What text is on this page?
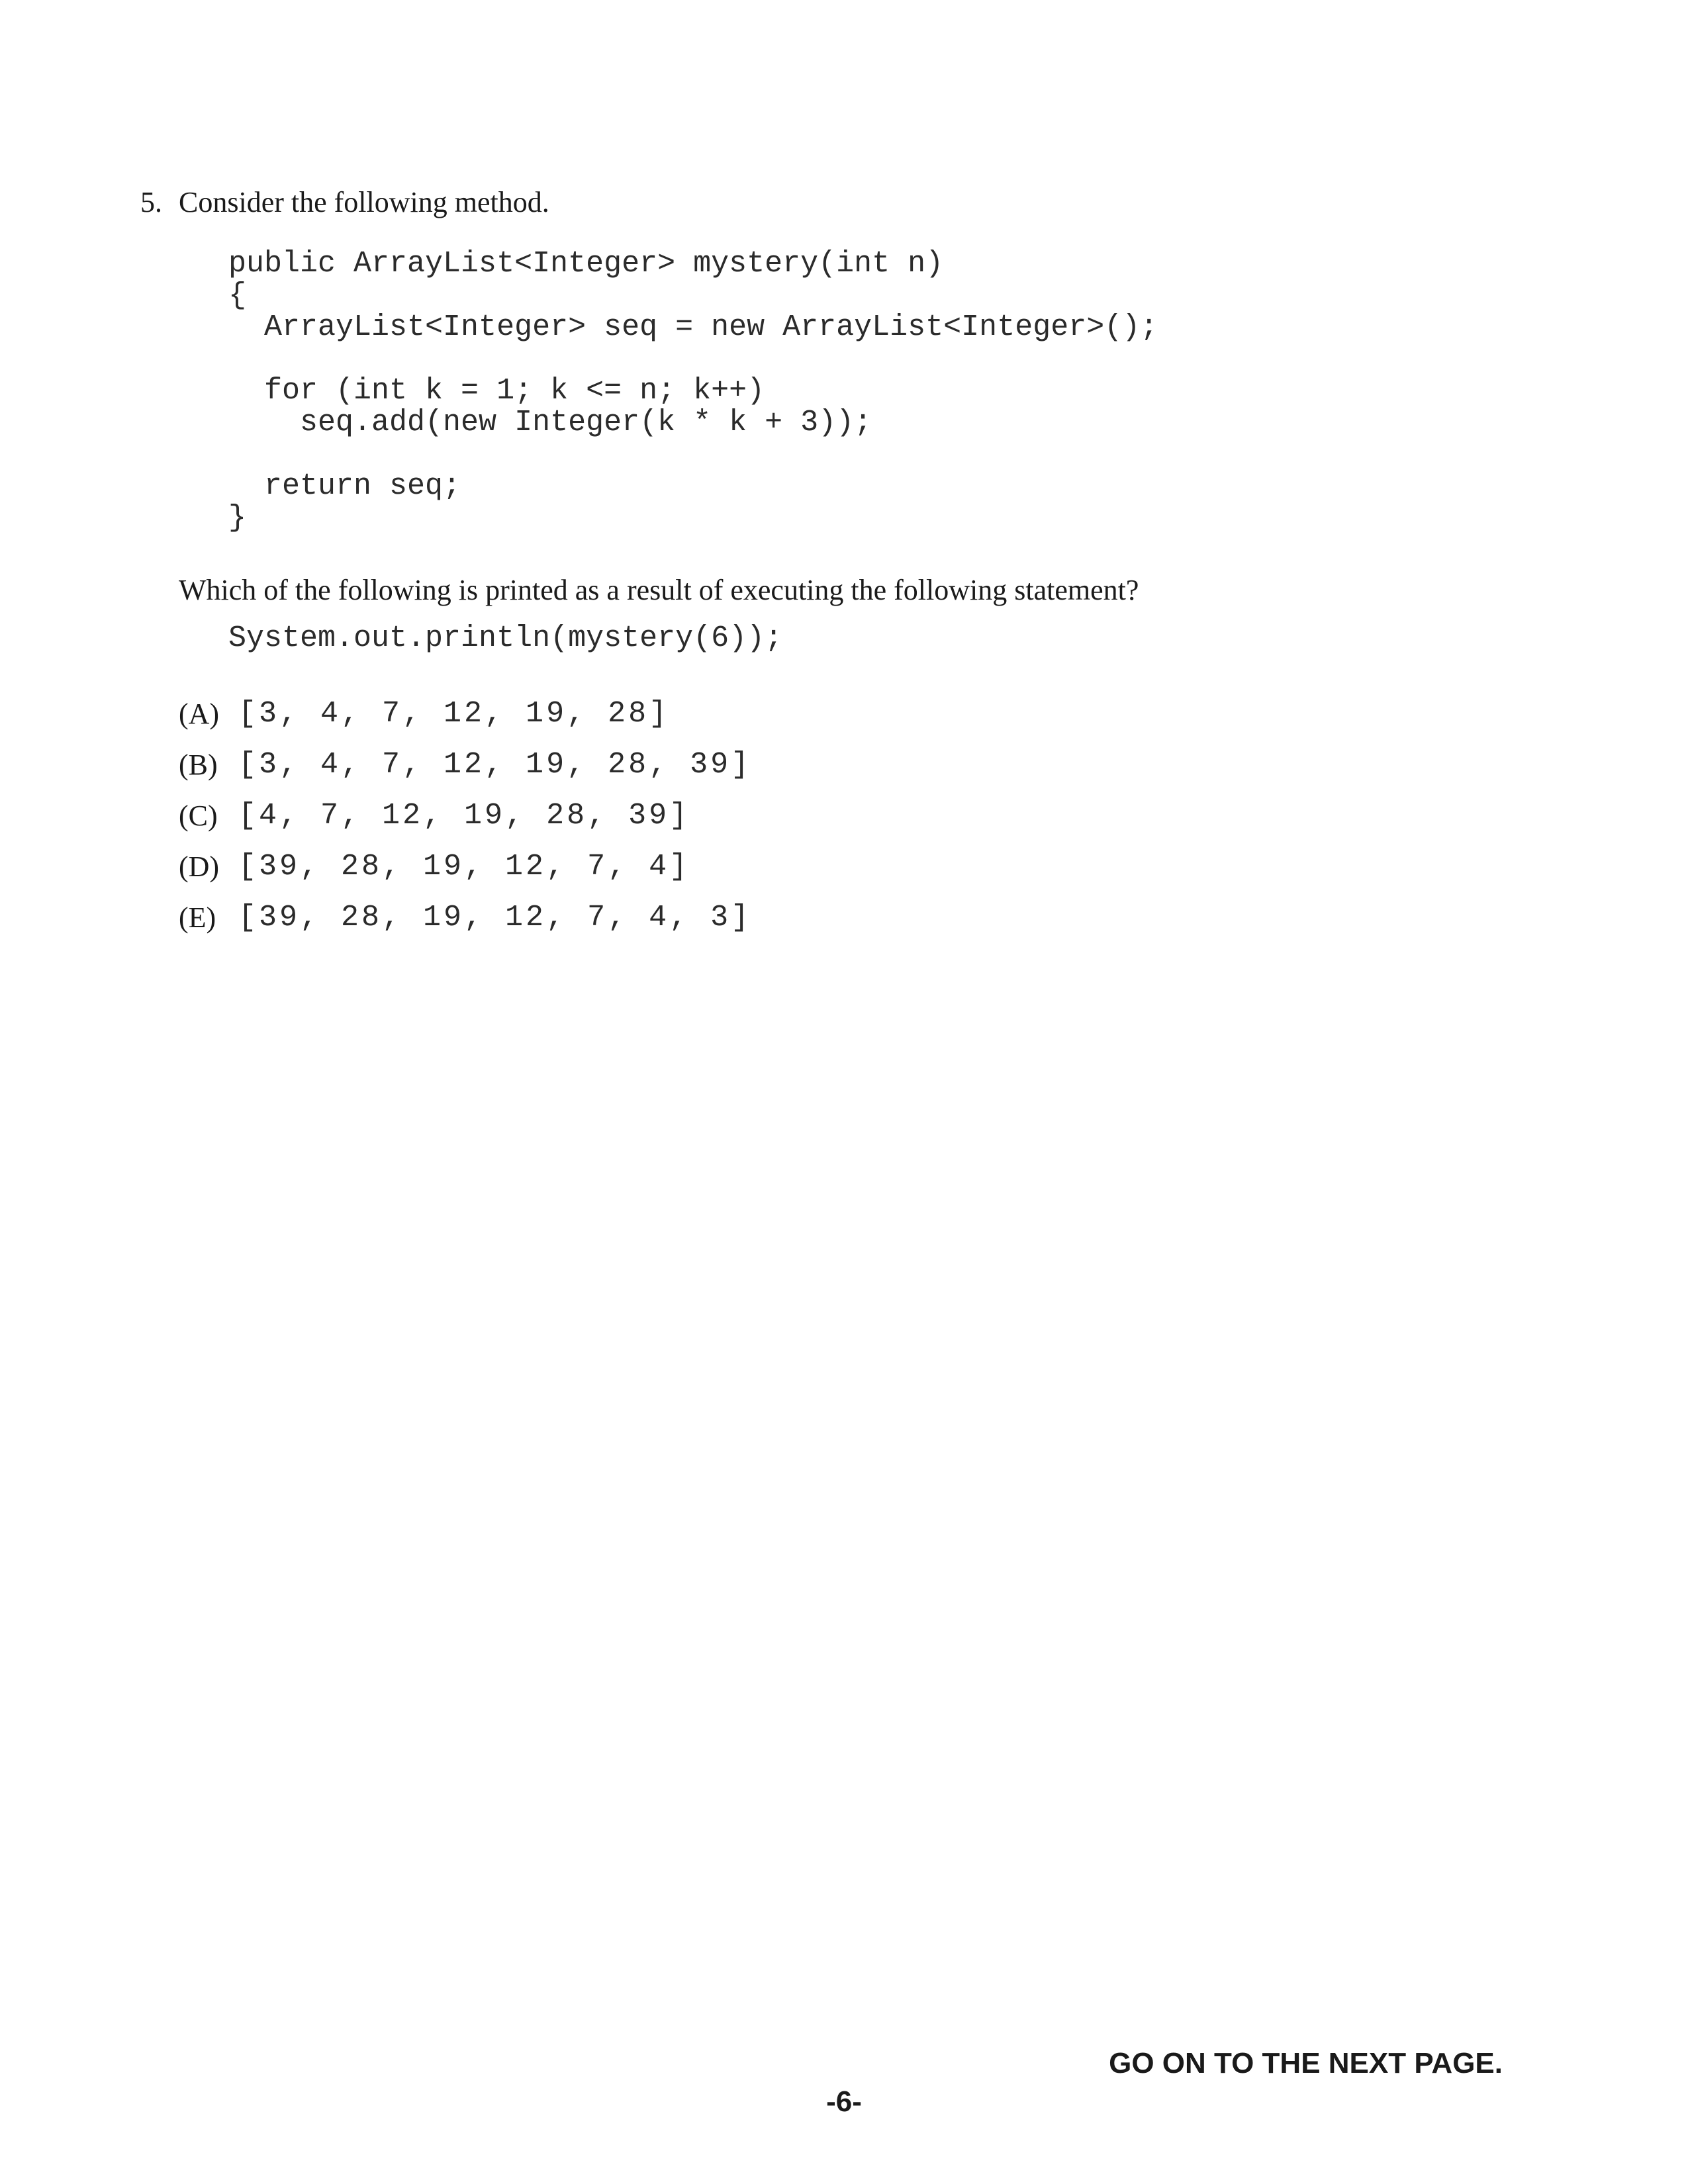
5. Consider the following method.
public ArrayList<Integer> mystery(int n)
{
ArrayList<Integer> seq = new ArrayList<Integer>();
for (int k = 1; k <= n; k++)
seq.add(new Integer(k * k + 3));
return seq;
}
Which of the following is printed as a result of executing the following statement?
System.out.println(mystery(6));
(A) [3, 4, 7, 12, 19, 28]
(B) [3, 4, 7, 12, 19, 28, 39]
(C) [4, 7, 12, 19, 28, 39]
(D) [39, 28, 19, 12, 7, 4]
(E) [39, 28, 19, 12, 7, 4, 3]
GO ON TO THE NEXT PAGE.
-6-
